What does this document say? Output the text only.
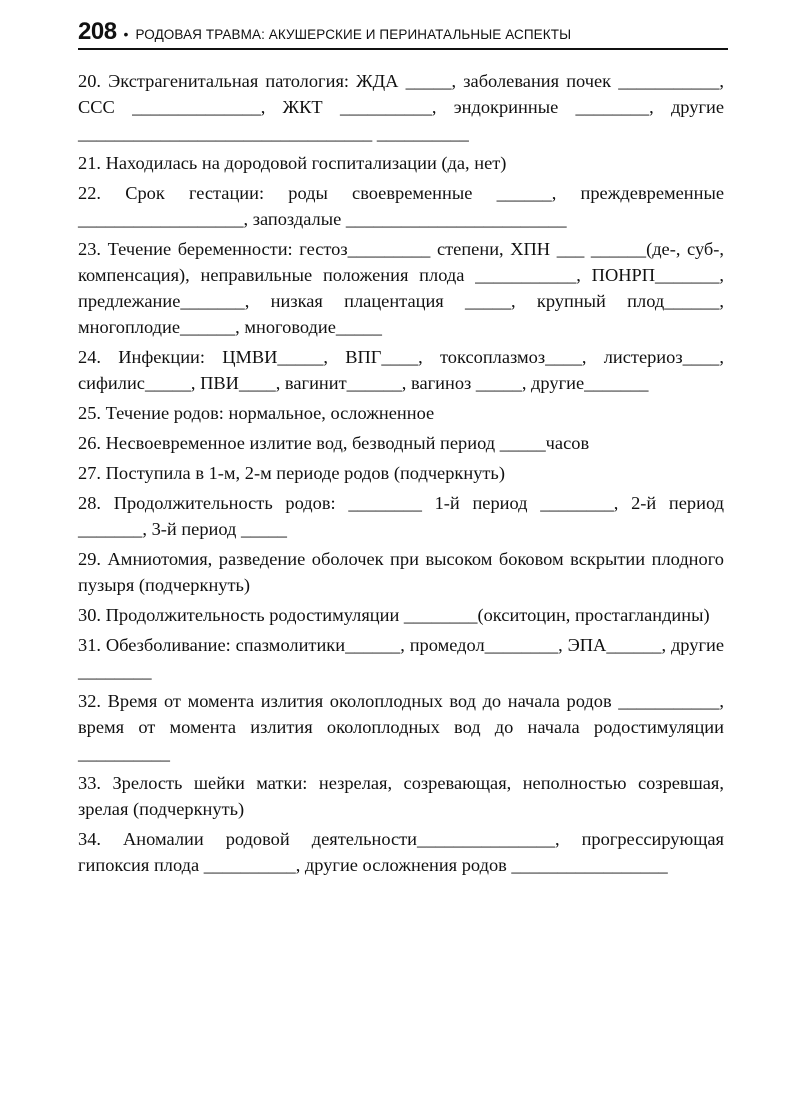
208 • РОДОВАЯ ТРАВМА: АКУШЕРСКИЕ И ПЕРИНАТАЛЬНЫЕ АСПЕКТЫ

20. Экстрагенитальная патология: ЖДА _____, заболевания почек ___________, ССС ______________, ЖКТ __________, эндокринные ________, другие ________________________________ __________

21. Находилась на дородовой госпитализации (да, нет)

22. Срок гестации: роды своевременные ______, преждевременные __________________, запоздалые ________________________

23. Течение беременности: гестоз_________ степени, ХПН ___ ______(де-, суб-, компенсация), неправильные положения плода ___________, ПОНРП_______, предлежание_______, низкая плацентация _____, крупный плод______, многоплодие______, многоводие_____

24. Инфекции: ЦМВИ_____, ВПГ____, токсоплазмоз____, листериоз____, сифилис_____, ПВИ____, вагинит______, вагиноз _____, другие_______

25. Течение родов: нормальное, осложненное

26. Несвоевременное излитие вод, безводный период _____часов

27. Поступила в 1-м, 2-м периоде родов (подчеркнуть)

28. Продолжительность родов: ________ 1-й период ________, 2-й период _______, 3-й период _____

29. Амниотомия, разведение оболочек при высоком боковом вскрытии плодного пузыря (подчеркнуть)

30. Продолжительность родостимуляции ________(окситоцин, простагландины)

31. Обезболивание: спазмолитики______, промедол________, ЭПА______, другие ________

32. Время от момента излития околоплодных вод до начала родов ___________, время от момента излития околоплодных вод до начала родостимуляции __________

33. Зрелость шейки матки: незрелая, созревающая, неполностью созревшая, зрелая (подчеркнуть)

34. Аномалии родовой деятельности_______________, прогрессирующая гипоксия плода __________, другие осложнения родов _________________
